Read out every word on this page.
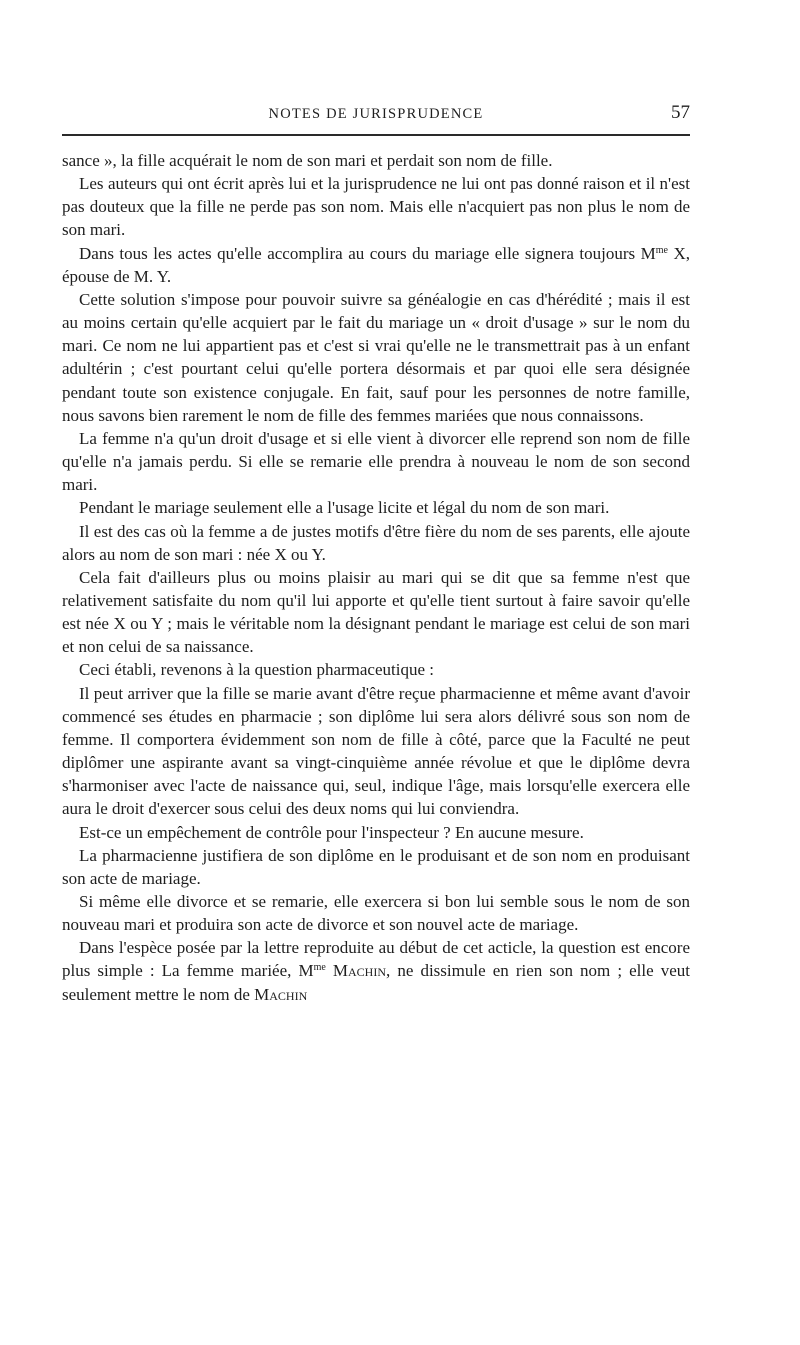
NOTES DE JURISPRUDENCE	57

sance », la fille acquérait le nom de son mari et perdait son nom de fille.

Les auteurs qui ont écrit après lui et la jurisprudence ne lui ont pas donné raison et il n'est pas douteux que la fille ne perde pas son nom. Mais elle n'acquiert pas non plus le nom de son mari.

Dans tous les actes qu'elle accomplira au cours du mariage elle signera toujours $M^{me}$ X, épouse de M. Y.

Cette solution s'impose pour pouvoir suivre sa généalogie en cas d'hérédité ; mais il est au moins certain qu'elle acquiert par le fait du mariage un « droit d'usage » sur le nom du mari. Ce nom ne lui appartient pas et c'est si vrai qu'elle ne le transmettrait pas à un enfant adultérin ; c'est pourtant celui qu'elle portera désormais et par quoi elle sera désignée pendant toute son existence conjugale. En fait, sauf pour les personnes de notre famille, nous savons bien rarement le nom de fille des femmes mariées que nous connaissons.

La femme n'a qu'un droit d'usage et si elle vient à divorcer elle reprend son nom de fille qu'elle n'a jamais perdu. Si elle se remarie elle prendra à nouveau le nom de son second mari.

Pendant le mariage seulement elle a l'usage licite et légal du nom de son mari.

Il est des cas où la femme a de justes motifs d'être fière du nom de ses parents, elle ajoute alors au nom de son mari : née X ou Y.

Cela fait d'ailleurs plus ou moins plaisir au mari qui se dit que sa femme n'est que relativement satisfaite du nom qu'il lui apporte et qu'elle tient surtout à faire savoir qu'elle est née X ou Y ; mais le véritable nom la désignant pendant le mariage est celui de son mari et non celui de sa naissance.

Ceci établi, revenons à la question pharmaceutique :

Il peut arriver que la fille se marie avant d'être reçue pharmacienne et même avant d'avoir commencé ses études en pharmacie ; son diplôme lui sera alors délivré sous son nom de femme. Il comportera évidemment son nom de fille à côté, parce que la Faculté ne peut diplômer une aspirante avant sa vingt-cinquième année révolue et que le diplôme devra s'harmoniser avec l'acte de naissance qui, seul, indique l'âge, mais lorsqu'elle exercera elle aura le droit d'exercer sous celui des deux noms qui lui conviendra.

Est-ce un empêchement de contrôle pour l'inspecteur ? En aucune mesure.

La pharmacienne justifiera de son diplôme en le produisant et de son nom en produisant son acte de mariage.

Si même elle divorce et se remarie, elle exercera si bon lui semble sous le nom de son nouveau mari et produira son acte de divorce et son nouvel acte de mariage.

Dans l'espèce posée par la lettre reproduite au début de cet acticle, la question est encore plus simple : La femme mariée, $M^{me}$ Machin, ne dissimule en rien son nom ; elle veut seulement mettre le nom de Machin
